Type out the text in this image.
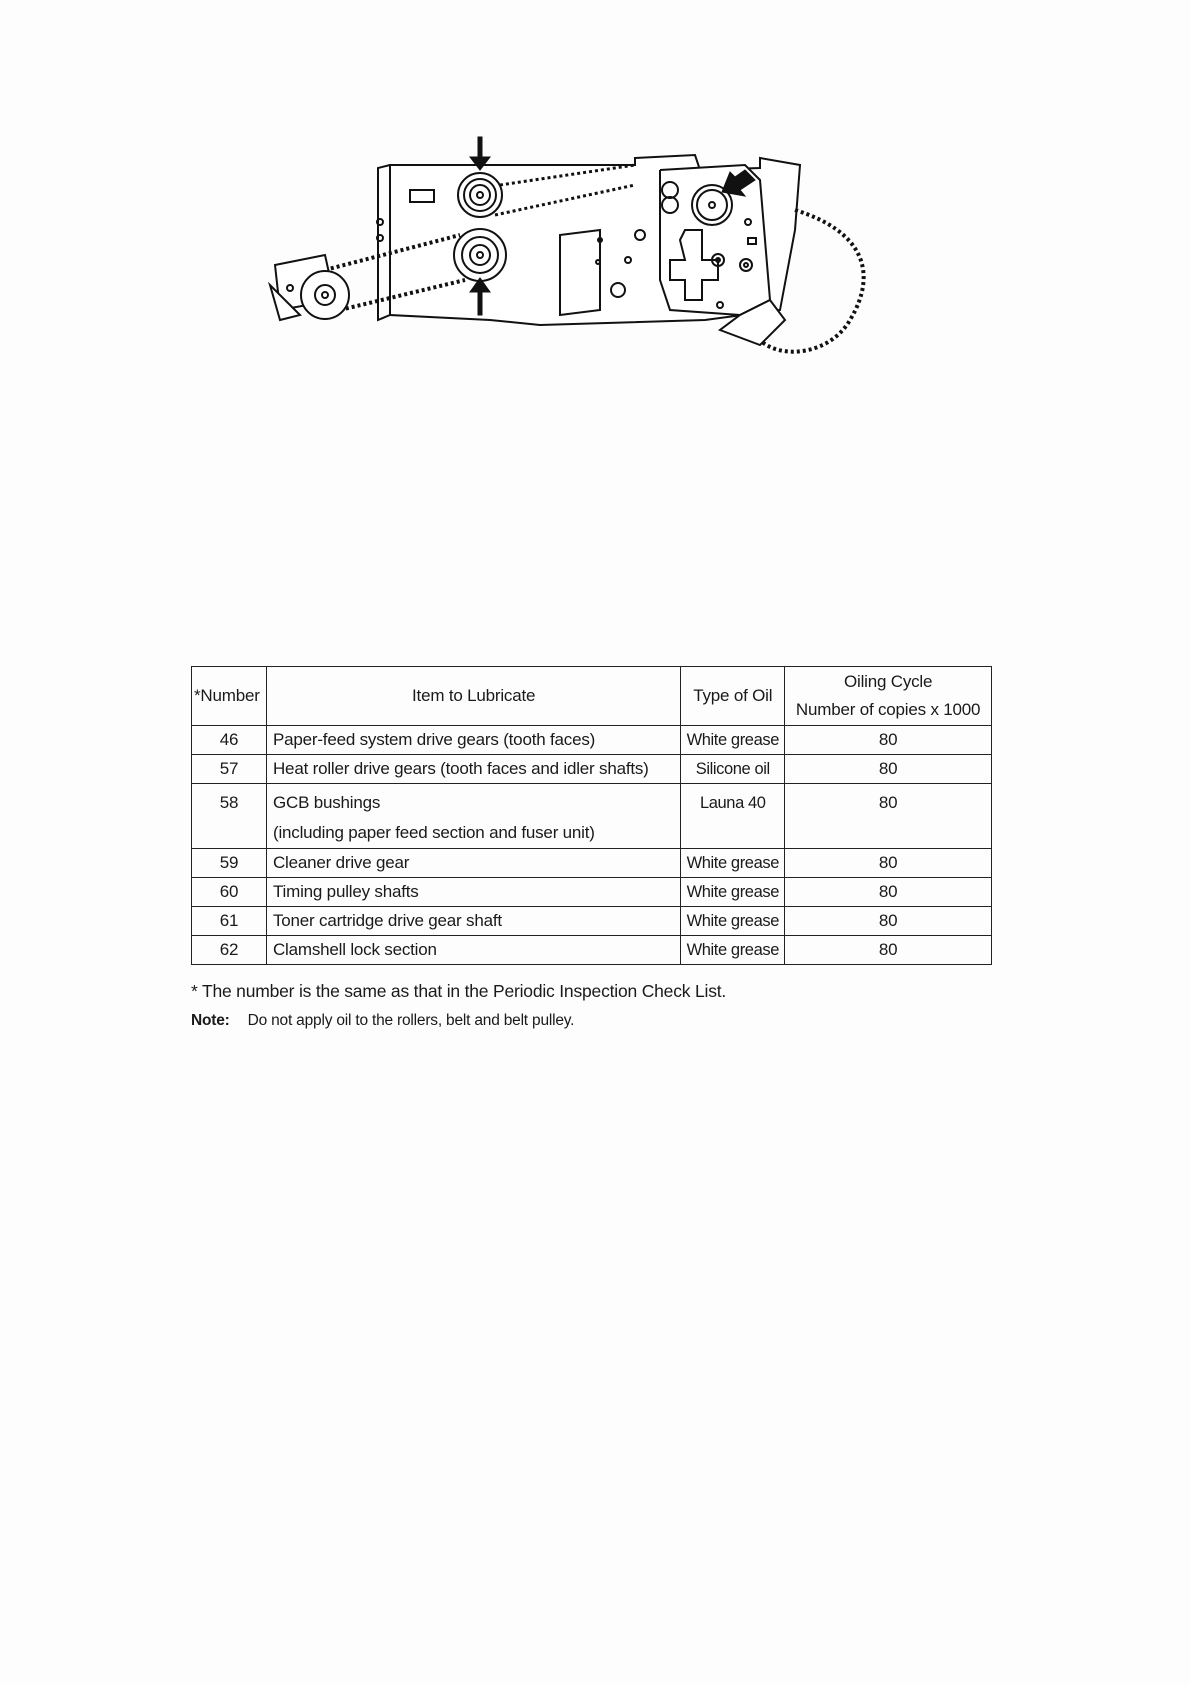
*Number	Item to Lubricate	Type of Oil	Oiling Cycle
Number of copies x 1000

46	Paper-feed system drive gears (tooth faces)	White grease	80
57	Heat roller drive gears (tooth faces and idler shafts)	Silicone oil	80
58	GCB bushings
(including paper feed section and fuser unit)	Launa 40	80
59	Cleaner drive gear	White grease	80
60	Timing pulley shafts	White grease	80
61	Toner cartridge drive gear shaft	White grease	80
62	Clamshell lock section	White grease	80
* The number is the same as that in the Periodic Inspection Check List.
Note: Do not apply oil to the rollers, belt and belt pulley.
